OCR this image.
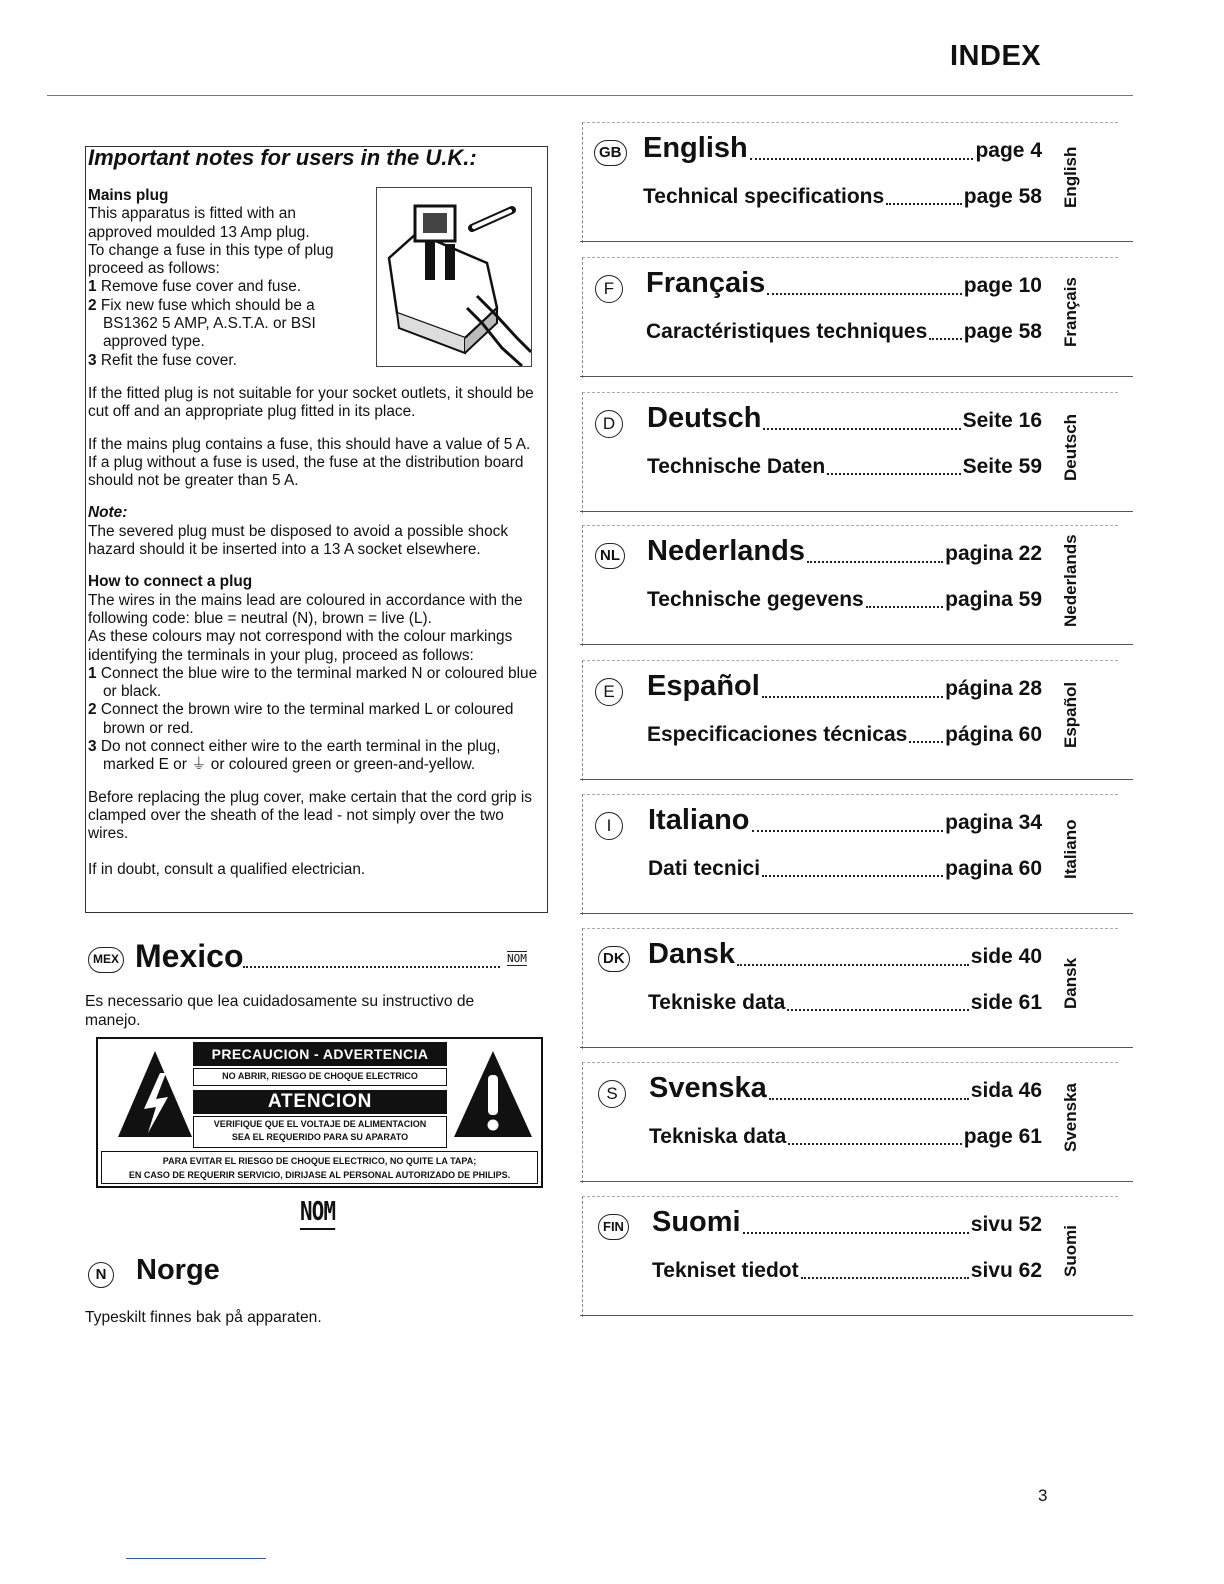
INDEX
Important notes for users in the U.K.:
Mains plug
This apparatus is fitted with an
approved moulded 13 Amp plug.
To change a fuse in this type of plug
proceed as follows:
1 Remove fuse cover and fuse.
2 Fix new fuse which should be a BS1362 5 AMP, A.S.T.A. or BSI approved type.
3 Refit the fuse cover.
If the fitted plug is not suitable for your socket outlets, it should be cut off and an appropriate plug fitted in its place.
If the mains plug contains a fuse, this should have a value of 5 A. If a plug without a fuse is used, the fuse at the distribution board should not be greater than 5 A.
Note:
The severed plug must be disposed to avoid a possible shock hazard should it be inserted into a 13 A socket elsewhere.
How to connect a plug
The wires in the mains lead are coloured in accordance with the following code: blue = neutral (N), brown = live (L).
As these colours may not correspond with the colour markings identifying the terminals in your plug, proceed as follows:
1 Connect the blue wire to the terminal marked N or coloured blue or black.
2 Connect the brown wire to the terminal marked L or coloured brown or red.
3 Do not connect either wire to the earth terminal in the plug, marked E or ⏚ or coloured green or green-and-yellow.
Before replacing the plug cover, make certain that the cord grip is clamped over the sheath of the lead - not simply over the two wires.
If in doubt, consult a qualified electrician.
GB English	page 4
Technical specifications	page 58 English
F	Français	page 10
Caractéristiques techniques page 58 Français
D Deutsch	Seite 16
Technische Daten	Seite 59 Deutsch
NL Nederlands	pagina 22
Technische gegevens	pagina 59 Nederlands
E Español	página 28
Especificaciones técnicas página 60 Español
I	Italiano	pagina 34
Dati tecnici	pagina 60 Italiano
DK Dansk	side 40
Tekniske data	side 61 Dansk
S Svenska	sida 46
Tekniska data	page 61 Svenska
FIN Suomi	sivu 52
Tekniset tiedot	sivu 62 Suomi
MEX Mexico	NOM
Es necessario que lea cuidadosamente su instructivo de manejo.
PRECAUCION - ADVERTENCIA
NO ABRIR, RIESGO DE CHOQUE ELECTRICO
ATENCION
VERIFIQUE QUE EL VOLTAJE DE ALIMENTACION
SEA EL REQUERIDO PARA SU APARATO
PARA EVITAR EL RIESGO DE CHOQUE ELECTRICO, NO QUITE LA TAPA;
EN CASO DE REQUERIR SERVICIO, DIRIJASE AL PERSONAL AUTORIZADO DE PHILIPS.
NOM
N Norge
Typeskilt finnes bak på apparaten.
3
